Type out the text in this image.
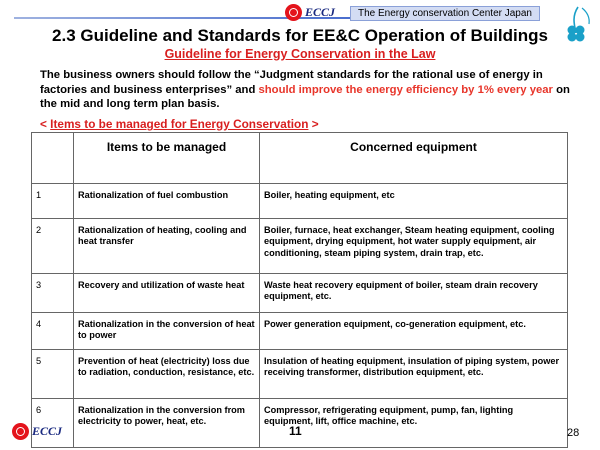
ECCJ	The Energy conservation Center Japan
2.3 Guideline and Standards for EE&C Operation of Buildings
Guideline for Energy Conservation in the Law
The business owners should follow the “Judgment standards for the rational use of energy in factories and business enterprises” and should improve the energy efficiency by 1% every year on the mid and long term plan basis.
< Items to be managed for Energy Conservation >
	Items to be managed	Concerned equipment
1	Rationalization of fuel combustion	Boiler, heating equipment, etc
2	Rationalization of heating, cooling and heat transfer	Boiler, furnace, heat exchanger, Steam heating equipment, cooling equipment, drying equipment, hot water supply equipment, air conditioning, steam piping system, drain trap, etc.
3	Recovery and utilization of waste heat	Waste heat recovery equipment of boiler, steam drain recovery equipment, etc.
4	Rationalization in the conversion of heat to power	Power generation equipment, co-generation equipment, etc.
5	Prevention of heat (electricity) loss due to radiation, conduction, resistance, etc.	Insulation of heating equipment, insulation of piping system, power receiving transformer, distribution equipment, etc.
6	Rationalization in the conversion from electricity to power, heat, etc.	Compressor, refrigerating equipment, pump, fan, lighting equipment, lift, office machine, etc.
ECCJ	11	28
